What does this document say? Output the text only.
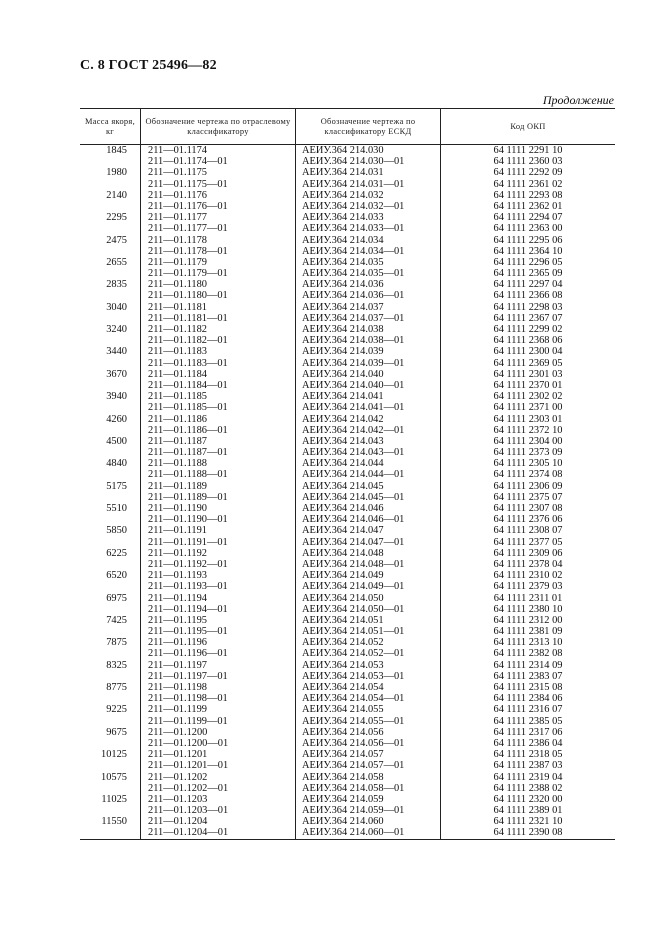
С. 8 ГОСТ 25496—82
Продолжение
Масса якоря, кг
Обозначение чертежа по отраслевому классификатору
Обозначение чертежа по классификатору ЕСКД
Код ОКП
1845
1980
2140
2295
2475
2655
2835
3040
3240
3440
3670
3940
4260
4500
4840
5175
5510
5850
6225
6520
6975
7425
7875
8325
8775
9225
9675
10125
10575
11025
11550
211—01.1174
211—01.1174—01
211—01.1175
211—01.1175—01
211—01.1176
211—01.1176—01
211—01.1177
211—01.1177—01
211—01.1178
211—01.1178—01
211—01.1179
211—01.1179—01
211—01.1180
211—01.1180—01
211—01.1181
211—01.1181—01
211—01.1182
211—01.1182—01
211—01.1183
211—01.1183—01
211—01.1184
211—01.1184—01
211—01.1185
211—01.1185—01
211—01.1186
211—01.1186—01
211—01.1187
211—01.1187—01
211—01.1188
211—01.1188—01
211—01.1189
211—01.1189—01
211—01.1190
211—01.1190—01
211—01.1191
211—01.1191—01
211—01.1192
211—01.1192—01
211—01.1193
211—01.1193—01
211—01.1194
211—01.1194—01
211—01.1195
211—01.1195—01
211—01.1196
211—01.1196—01
211—01.1197
211—01.1197—01
211—01.1198
211—01.1198—01
211—01.1199
211—01.1199—01
211—01.1200
211—01.1200—01
211—01.1201
211—01.1201—01
211—01.1202
211—01.1202—01
211—01.1203
211—01.1203—01
211—01.1204
211—01.1204—01
АЕИУ.364 214.030
АЕИУ.364 214.030—01
АЕИУ.364 214.031
АЕИУ.364 214.031—01
АЕИУ.364 214.032
АЕИУ.364 214.032—01
АЕИУ.364 214.033
АЕИУ.364 214.033—01
АЕИУ.364 214.034
АЕИУ.364 214.034—01
АЕИУ.364 214.035
АЕИУ.364 214.035—01
АЕИУ.364 214.036
АЕИУ.364 214.036—01
АЕИУ.364 214.037
АЕИУ.364 214.037—01
АЕИУ.364 214.038
АЕИУ.364 214.038—01
АЕИУ.364 214.039
АЕИУ.364 214.039—01
АЕИУ.364 214.040
АЕИУ.364 214.040—01
АЕИУ.364 214.041
АЕИУ.364 214.041—01
АЕИУ.364 214.042
АЕИУ.364 214.042—01
АЕИУ.364 214.043
АЕИУ.364 214.043—01
АЕИУ.364 214.044
АЕИУ.364 214.044—01
АЕИУ.364 214.045
АЕИУ.364 214.045—01
АЕИУ.364 214.046
АЕИУ.364 214.046—01
АЕИУ.364 214.047
АЕИУ.364 214.047—01
АЕИУ.364 214.048
АЕИУ.364 214.048—01
АЕИУ.364 214.049
АЕИУ.364 214.049—01
АЕИУ.364 214.050
АЕИУ.364 214.050—01
АЕИУ.364 214.051
АЕИУ.364 214.051—01
АЕИУ.364 214.052
АЕИУ.364 214.052—01
АЕИУ.364 214.053
АЕИУ.364 214.053—01
АЕИУ.364 214.054
АЕИУ.364 214.054—01
АЕИУ.364 214.055
АЕИУ.364 214.055—01
АЕИУ.364 214.056
АЕИУ.364 214.056—01
АЕИУ.364 214.057
АЕИУ.364 214.057—01
АЕИУ.364 214.058
АЕИУ.364 214.058—01
АЕИУ.364 214.059
АЕИУ.364 214.059—01
АЕИУ.364 214.060
АЕИУ.364 214.060—01
64 1111 2291 10
64 1111 2360 03
64 1111 2292 09
64 1111 2361 02
64 1111 2293 08
64 1111 2362 01
64 1111 2294 07
64 1111 2363 00
64 1111 2295 06
64 1111 2364 10
64 1111 2296 05
64 1111 2365 09
64 1111 2297 04
64 1111 2366 08
64 1111 2298 03
64 1111 2367 07
64 1111 2299 02
64 1111 2368 06
64 1111 2300 04
64 1111 2369 05
64 1111 2301 03
64 1111 2370 01
64 1111 2302 02
64 1111 2371 00
64 1111 2303 01
64 1111 2372 10
64 1111 2304 00
64 1111 2373 09
64 1111 2305 10
64 1111 2374 08
64 1111 2306 09
64 1111 2375 07
64 1111 2307 08
64 1111 2376 06
64 1111 2308 07
64 1111 2377 05
64 1111 2309 06
64 1111 2378 04
64 1111 2310 02
64 1111 2379 03
64 1111 2311 01
64 1111 2380 10
64 1111 2312 00
64 1111 2381 09
64 1111 2313 10
64 1111 2382 08
64 1111 2314 09
64 1111 2383 07
64 1111 2315 08
64 1111 2384 06
64 1111 2316 07
64 1111 2385 05
64 1111 2317 06
64 1111 2386 04
64 1111 2318 05
64 1111 2387 03
64 1111 2319 04
64 1111 2388 02
64 1111 2320 00
64 1111 2389 01
64 1111 2321 10
64 1111 2390 08
